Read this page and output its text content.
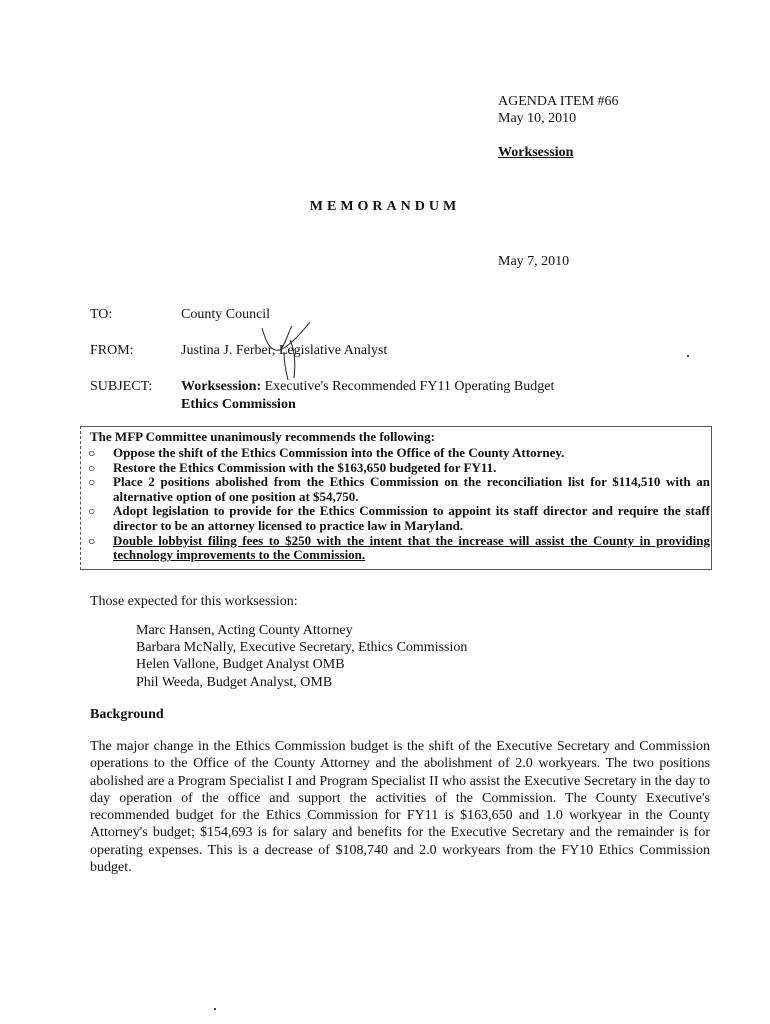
AGENDA ITEM #66
May 10, 2010
Worksession
MEMORANDUM
May 7, 2010
TO:	County Council
FROM:	Justina J. Ferber, Legislative Analyst
SUBJECT: Worksession: Executive's Recommended FY11 Operating Budget
Ethics Commission
The MFP Committee unanimously recommends the following:
○ Oppose the shift of the Ethics Commission into the Office of the County Attorney.
○ Restore the Ethics Commission with the $163,650 budgeted for FY11.
○ Place 2 positions abolished from the Ethics Commission on the reconciliation list for $114,510 with an alternative option of one position at $54,750.
○ Adopt legislation to provide for the Ethics Commission to appoint its staff director and require the staff director to be an attorney licensed to practice law in Maryland.
○ Double lobbyist filing fees to $250 with the intent that the increase will assist the County in providing technology improvements to the Commission.
Those expected for this worksession:
Marc Hansen, Acting County Attorney
Barbara McNally, Executive Secretary, Ethics Commission
Helen Vallone, Budget Analyst OMB
Phil Weeda, Budget Analyst, OMB
Background

The major change in the Ethics Commission budget is the shift of the Executive Secretary and Commission operations to the Office of the County Attorney and the abolishment of 2.0 workyears. The two positions abolished are a Program Specialist I and Program Specialist II who assist the Executive Secretary in the day to day operation of the office and support the activities of the Commission. The County Executive's recommended budget for the Ethics Commission for FY11 is $163,650 and 1.0 workyear in the County Attorney's budget; $154,693 is for salary and benefits for the Executive Secretary and the remainder is for operating expenses. This is a decrease of $108,740 and 2.0 workyears from the FY10 Ethics Commission budget.
